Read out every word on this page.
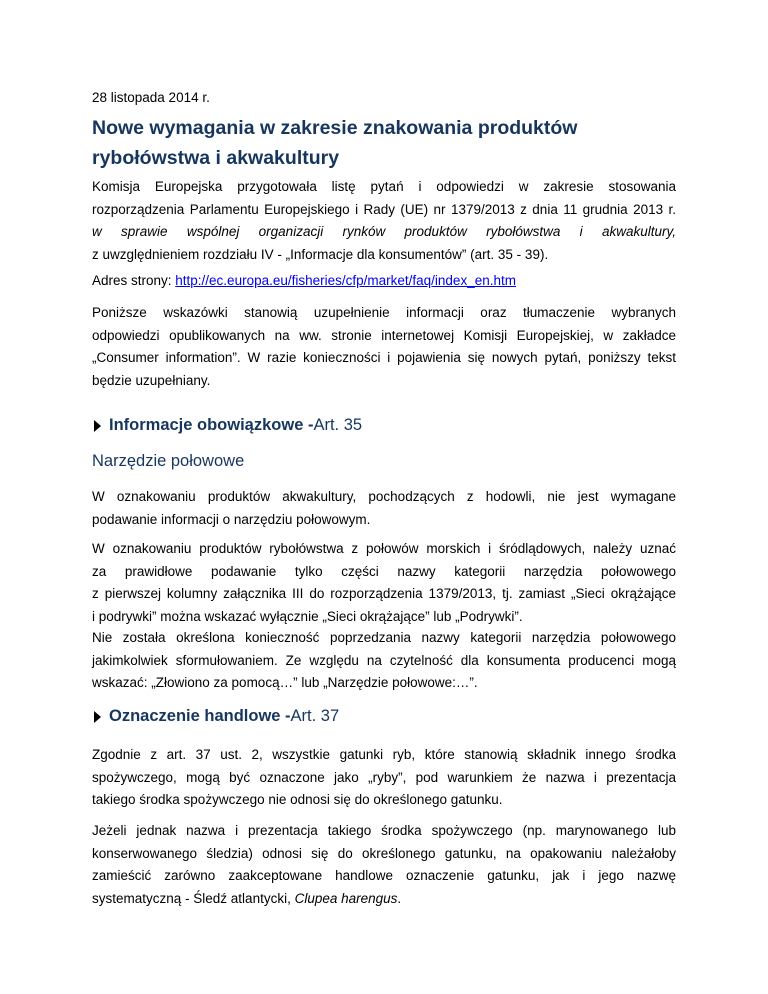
28 listopada 2014 r.
Nowe wymagania w zakresie znakowania produktów rybołówstwa i akwakultury
Komisja Europejska przygotowała listę pytań i odpowiedzi w zakresie stosowania
rozporządzenia Parlamentu Europejskiego i Rady (UE) nr 1379/2013 z dnia 11 grudnia 2013 r.
w sprawie wspólnej organizacji rynków produktów rybołówstwa i akwakultury,
z uwzględnieniem rozdziału IV - „Informacje dla konsumentów” (art. 35 - 39).
Adres strony: http://ec.europa.eu/fisheries/cfp/market/faq/index_en.htm
Poniższe wskazówki stanowią uzupełnienie informacji oraz tłumaczenie wybranych
odpowiedzi opublikowanych na ww. stronie internetowej Komisji Europejskiej, w zakładce
„Consumer information”. W razie konieczności i pojawienia się nowych pytań, poniższy tekst
będzie uzupełniany.
Informacje obowiązkowe - Art. 35
Narzędzie połowowe
W oznakowaniu produktów akwakultury, pochodzących z hodowli, nie jest wymagane
podawanie informacji o narzędziu połowowym.
W oznakowaniu produktów rybołówstwa z połowów morskich i śródlądowych, należy uznać
za prawidłowe podawanie tylko części nazwy kategorii narzędzia połowowego
z pierwszej kolumny załącznika III do rozporządzenia 1379/2013, tj. zamiast „Sieci okrążające
i podrywki” można wskazać wyłącznie „Sieci okrążające” lub „Podrywki”.
Nie została określona konieczność poprzedzania nazwy kategorii narzędzia połowowego
jakimkolwiek sformułowaniem. Ze względu na czytelność dla konsumenta producenci mogą
wskazać: „Złowiono za pomocą…” lub „Narzędzie połowowe:…”.
Oznaczenie handlowe - Art. 37
Zgodnie z art. 37 ust. 2, wszystkie gatunki ryb, które stanowią składnik innego środka
spożywczego, mogą być oznaczone jako „ryby”, pod warunkiem że nazwa i prezentacja
takiego środka spożywczego nie odnosi się do określonego gatunku.
Jeżeli jednak nazwa i prezentacja takiego środka spożywczego (np. marynowanego lub
konserwowanego śledzia) odnosi się do określonego gatunku, na opakowaniu należałoby
zamieścić zarówno zaakceptowane handlowe oznaczenie gatunku, jak i jego nazwę
systematyczną - Śledź atlantycki, Clupea harengus.
